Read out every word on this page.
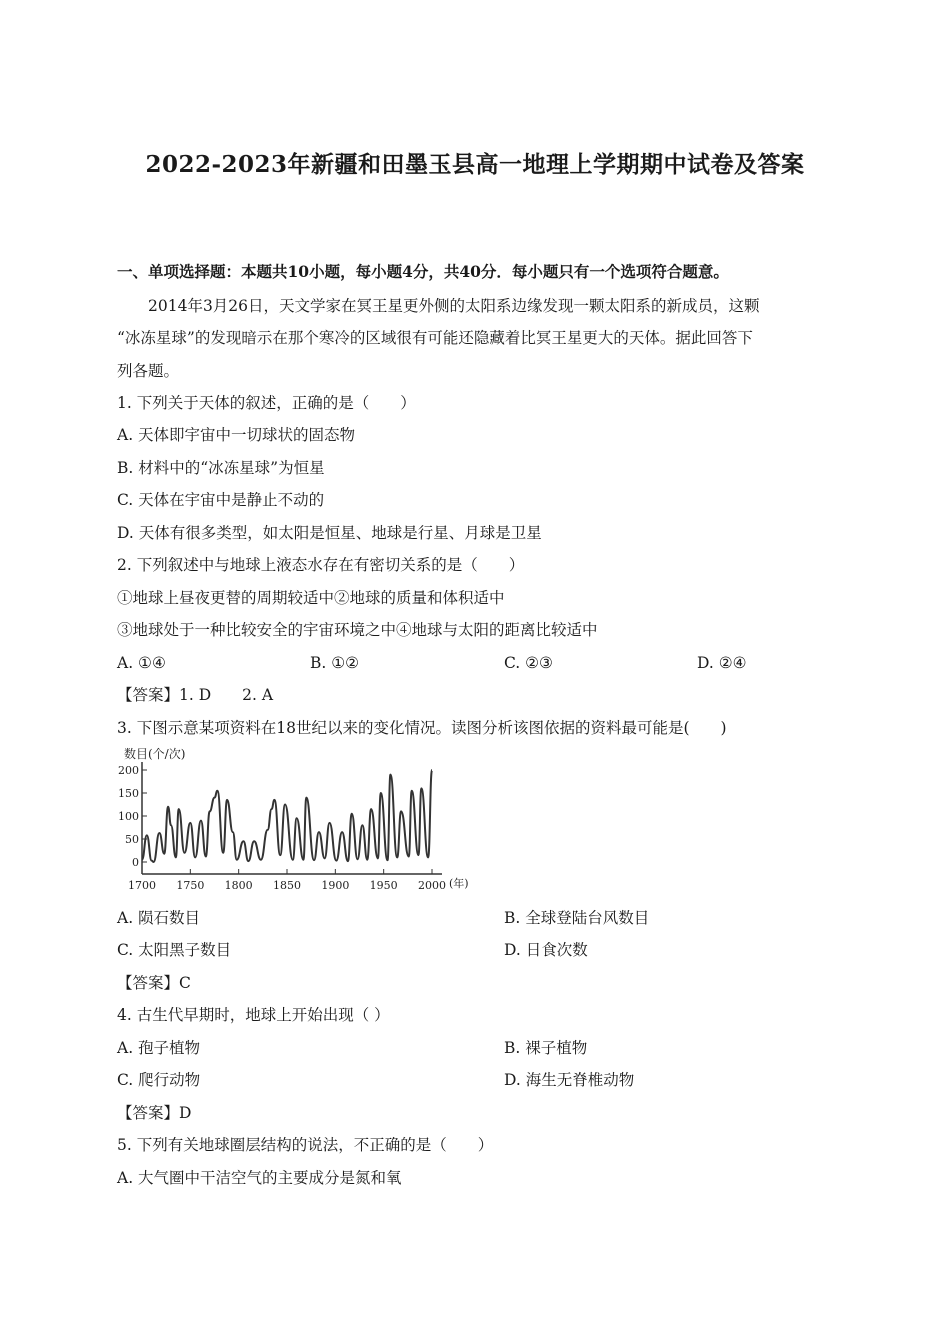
2022-2023年新疆和田墨玉县高一地理上学期期中试卷及答案
一、单项选择题：本题共10小题，每小题4分，共40分．每小题只有一个选项符合题意。
2014年3月26日，天文学家在冥王星更外侧的太阳系边缘发现一颗太阳系的新成员，这颗
“冰冻星球”的发现暗示在那个寒冷的区域很有可能还隐藏着比冥王星更大的天体。据此回答下
列各题。
1. 下列关于天体的叙述，正确的是（　　）
A. 天体即宇宙中一切球状的固态物
B. 材料中的“冰冻星球”为恒星
C. 天体在宇宙中是静止不动的
D. 天体有很多类型，如太阳是恒星、地球是行星、月球是卫星
2. 下列叙述中与地球上液态水存在有密切关系的是（　　）
①地球上昼夜更替的周期较适中②地球的质量和体积适中
③地球处于一种比较安全的宇宙环境之中④地球与太阳的距离比较适中
A. ①④	B. ①②	C. ②③	D. ②④
【答案】1. D　　2. A
3. 下图示意某项资料在18世纪以来的变化情况。读图分析该图依据的资料最可能是(　　)
数目(个/次)
0
50
100
150
200
1700 1750 1800 1850 1900 1950 2000 (年)
A. 陨石数目	B. 全球登陆台风数目
C. 太阳黑子数目	D. 日食次数
【答案】C
4. 古生代早期时，地球上开始出现（ ）
A. 孢子植物	B. 裸子植物
C. 爬行动物	D. 海生无脊椎动物
【答案】D
5. 下列有关地球圈层结构的说法，不正确的是（　　）
A. 大气圈中干洁空气的主要成分是氮和氧
